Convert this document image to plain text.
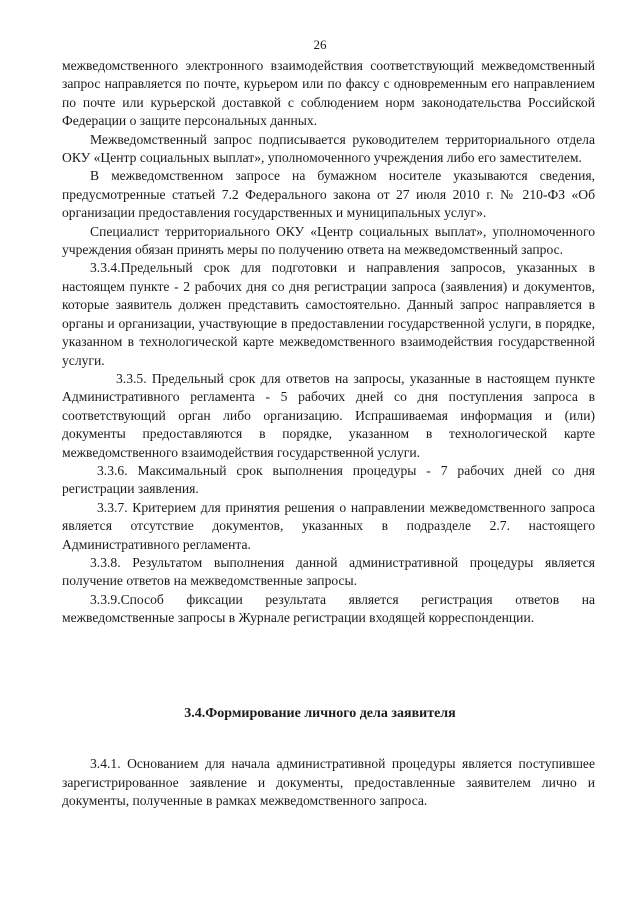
26

межведомственного электронного взаимодействия соответствующий межведомственный запрос направляется по почте, курьером или по факсу с одновременным его направлением по почте или курьерской доставкой с соблюдением норм законодательства Российской Федерации о защите персональных данных.

Межведомственный запрос подписывается руководителем территориального отдела ОКУ «Центр социальных выплат», уполномоченного учреждения либо его заместителем.

В межведомственном запросе на бумажном носителе указываются сведения, предусмотренные статьей 7.2 Федерального закона от 27 июля 2010 г. № 210-ФЗ «Об организации предоставления государственных и муниципальных услуг».

Специалист территориального ОКУ «Центр социальных выплат», уполномоченного учреждения обязан принять меры по получению ответа на межведомственный запрос.

3.3.4.Предельный срок для подготовки и направления запросов, указанных в настоящем пункте - 2 рабочих дня со дня регистрации запроса (заявления) и документов, которые заявитель должен представить самостоятельно. Данный запрос направляется в органы и организации, участвующие в предоставлении государственной услуги, в порядке, указанном в технологической карте межведомственного взаимодействия государственной услуги.

3.3.5. Предельный срок для ответов на запросы, указанные в настоящем пункте Административного регламента - 5 рабочих дней со дня поступления запроса в соответствующий орган либо организацию. Испрашиваемая информация и (или) документы предоставляются в порядке, указанном в технологической карте межведомственного взаимодействия государственной услуги.

3.3.6. Максимальный срок выполнения процедуры - 7 рабочих дней со дня регистрации заявления.

3.3.7. Критерием для принятия решения о направлении межведомственного запроса является отсутствие документов, указанных в подразделе 2.7. настоящего Административного регламента.

3.3.8. Результатом выполнения данной административной процедуры является получение ответов на межведомственные запросы.

3.3.9.Способ фиксации результата является регистрация ответов на межведомственные запросы в Журнале регистрации входящей корреспонденции.

3.4.Формирование личного дела заявителя

3.4.1. Основанием для начала административной процедуры является поступившее зарегистрированное заявление и документы, предоставленные заявителем лично и документы, полученные в рамках межведомственного запроса.
